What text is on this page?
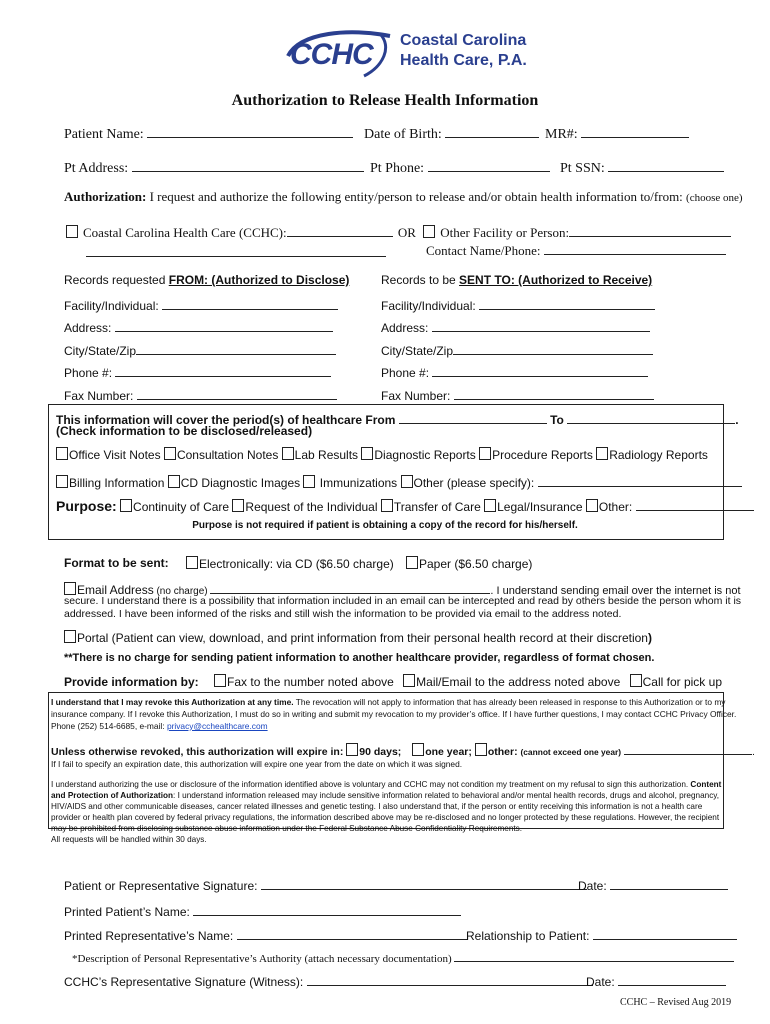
CCHC Coastal Carolina
Health Care, P.A.
Authorization to Release Health Information
Patient Name:	Date of Birth:	MR#:
Pt Address:	Pt Phone:	Pt SSN:
Authorization: I request and authorize the following entity/person to release and/or obtain health information to/from: (choose one)
Coastal Carolina Health Care (CCHC):	OR Other Facility or Person:
Contact Name/Phone:
Records requested FROM: (Authorized to Disclose)
Facility/Individual:
Address:
City/State/Zip
Phone #:
Fax Number:
Records to be SENT TO: (Authorized to Receive)
Facility/Individual:
Address:
City/State/Zip
Phone #:
Fax Number:
This information will cover the period(s) of healthcare From	To	.
(Check information to be disclosed/released)
Office Visit Notes Consultation Notes Lab Results Diagnostic Reports Procedure Reports Radiology Reports
Billing Information CD Diagnostic Images  Immunizations Other (please specify):
Purpose: Continuity of Care Request of the Individual Transfer of Care Legal/Insurance Other:
Purpose is not required if patient is obtaining a copy of the record for his/herself.
Format to be sent:	Electronically: via CD ($6.50 charge)	Paper ($6.50 charge)
Email Address (no charge)	. I understand sending email over the internet is not
secure. I understand there is a possibility that information included in an email can be intercepted and read by others beside the person whom it is
addressed. I have been informed of the risks and still wish the information to be provided via email to the address noted.
Portal (Patient can view, download, and print information from their personal health record at their discretion)
**There is no charge for sending patient information to another healthcare provider, regardless of format chosen.
Provide information by: Fax to the number noted above Mail/Email to the address noted above Call for pick up
I understand that I may revoke this Authorization at any time. The revocation will not apply to information that has already been released in response to this Authorization or to my
insurance company. If I revoke this Authorization, I must do so in writing and submit my revocation to my provider’s office. If I have further questions, I may contact CCHC Privacy Officer.
Phone (252) 514-6685, e-mail: privacy@cchealthcare.com
Unless otherwise revoked, this authorization will expire in: 90 days; one year; other: (cannot exceed one year)	.
If I fail to specify an expiration date, this authorization will expire one year from the date on which it was signed.
I understand authorizing the use or disclosure of the information identified above is voluntary and CCHC may not condition my treatment on my refusal to sign this authorization. Content
and Protection of Authorization: I understand information released may include sensitive information related to behavioral and/or mental health records, drugs and alcohol, pregnancy,
HIV/AIDS and other communicable diseases, cancer related illnesses and genetic testing. I also understand that, if the person or entity receiving this information is not a health care
provider or health plan covered by federal privacy regulations, the information described above may be re-disclosed and no longer protected by these regulations. However, the recipient
may be prohibited from disclosing substance abuse information under the Federal Substance Abuse Confidentiality Requirements.
All requests will be handled within 30 days.
Patient or Representative Signature:	Date:
Printed Patient’s Name:
Printed Representative’s Name:	Relationship to Patient:
*Description of Personal Representative’s Authority (attach necessary documentation)
CCHC’s Representative Signature (Witness):	Date:
CCHC – Revised Aug 2019
